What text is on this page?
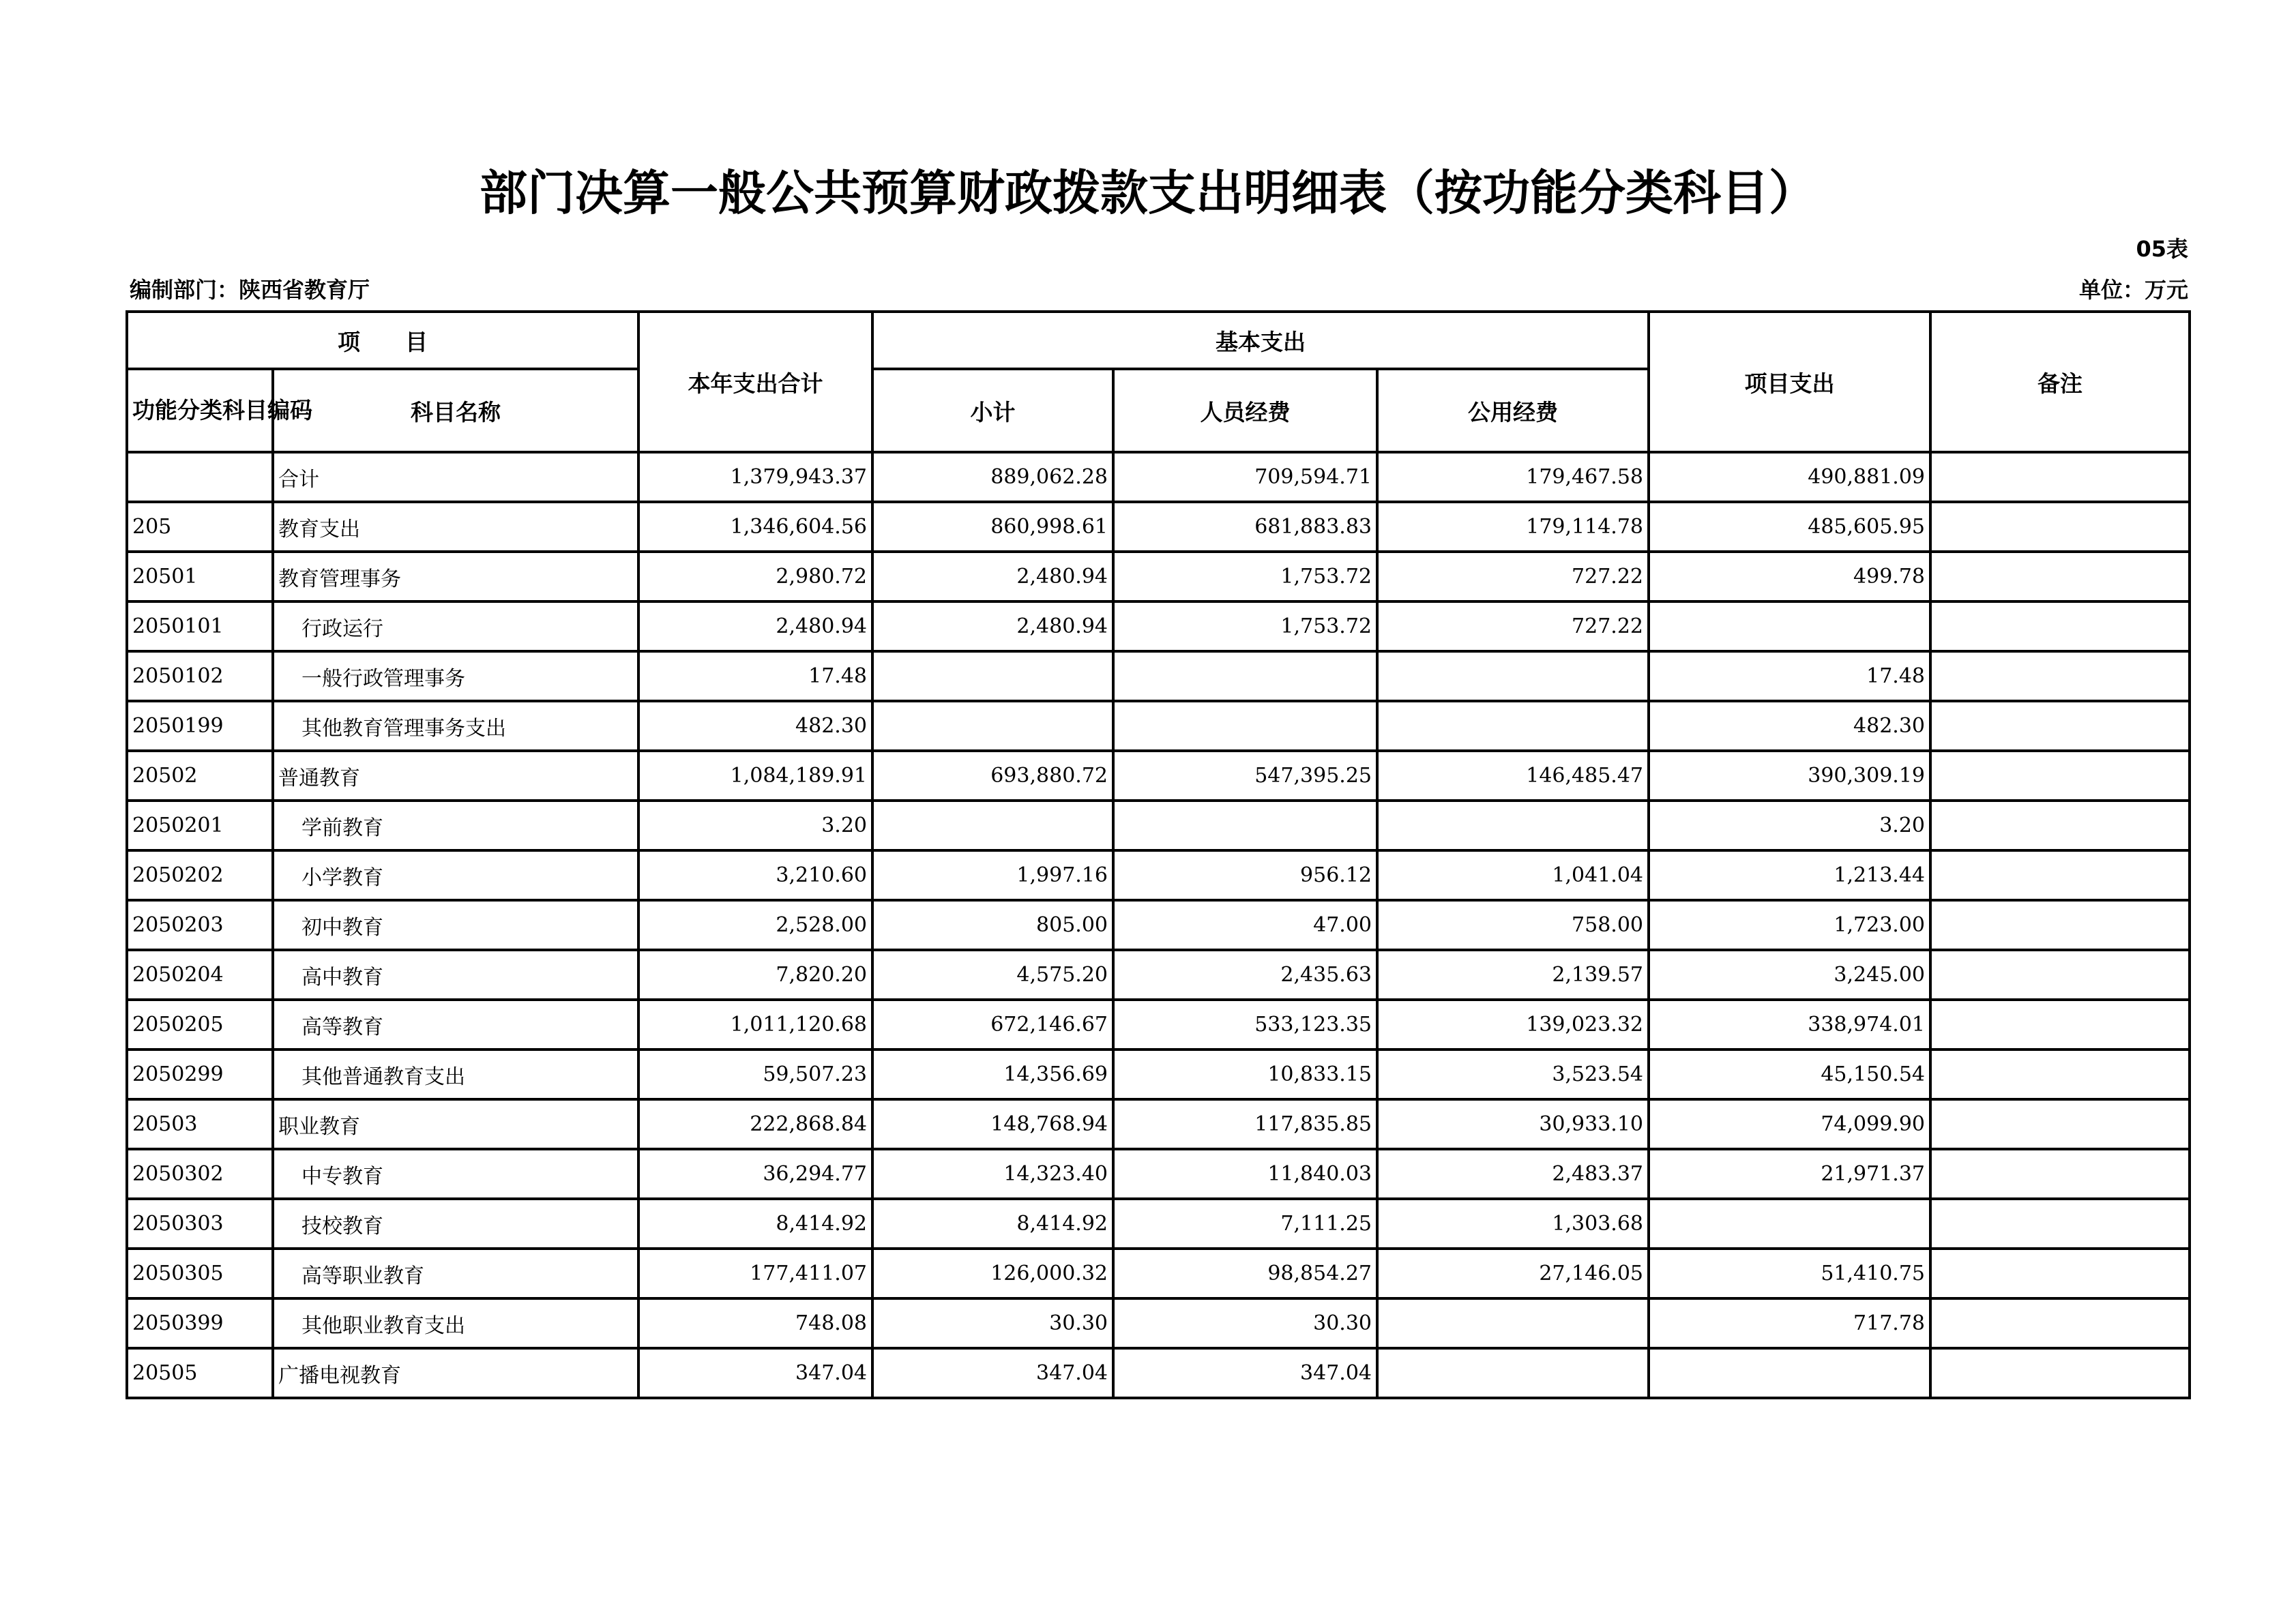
部门决算一般公共预算财政拨款支出明细表（按功能分类科目）
05表
编制部门：陕西省教育厅	单位：万元
项　　目		本年支出合计	基本支出			项目支出	备注
功能分类科目编码	科目名称		小计	人员经费	公用经费		
	合计	1,379,943.37	889,062.28	709,594.71	179,467.58	490,881.09	
205	教育支出	1,346,604.56	860,998.61	681,883.83	179,114.78	485,605.95	
20501	教育管理事务	2,980.72	2,480.94	1,753.72	727.22	499.78	
2050101	行政运行	2,480.94	2,480.94	1,753.72	727.22		
2050102	一般行政管理事务	17.48				17.48	
2050199	其他教育管理事务支出	482.30				482.30	
20502	普通教育	1,084,189.91	693,880.72	547,395.25	146,485.47	390,309.19	
2050201	学前教育	3.20				3.20	
2050202	小学教育	3,210.60	1,997.16	956.12	1,041.04	1,213.44	
2050203	初中教育	2,528.00	805.00	47.00	758.00	1,723.00	
2050204	高中教育	7,820.20	4,575.20	2,435.63	2,139.57	3,245.00	
2050205	高等教育	1,011,120.68	672,146.67	533,123.35	139,023.32	338,974.01	
2050299	其他普通教育支出	59,507.23	14,356.69	10,833.15	3,523.54	45,150.54	
20503	职业教育	222,868.84	148,768.94	117,835.85	30,933.10	74,099.90	
2050302	中专教育	36,294.77	14,323.40	11,840.03	2,483.37	21,971.37	
2050303	技校教育	8,414.92	8,414.92	7,111.25	1,303.68		
2050305	高等职业教育	177,411.07	126,000.32	98,854.27	27,146.05	51,410.75	
2050399	其他职业教育支出	748.08	30.30	30.30		717.78	
20505	广播电视教育	347.04	347.04	347.04			
